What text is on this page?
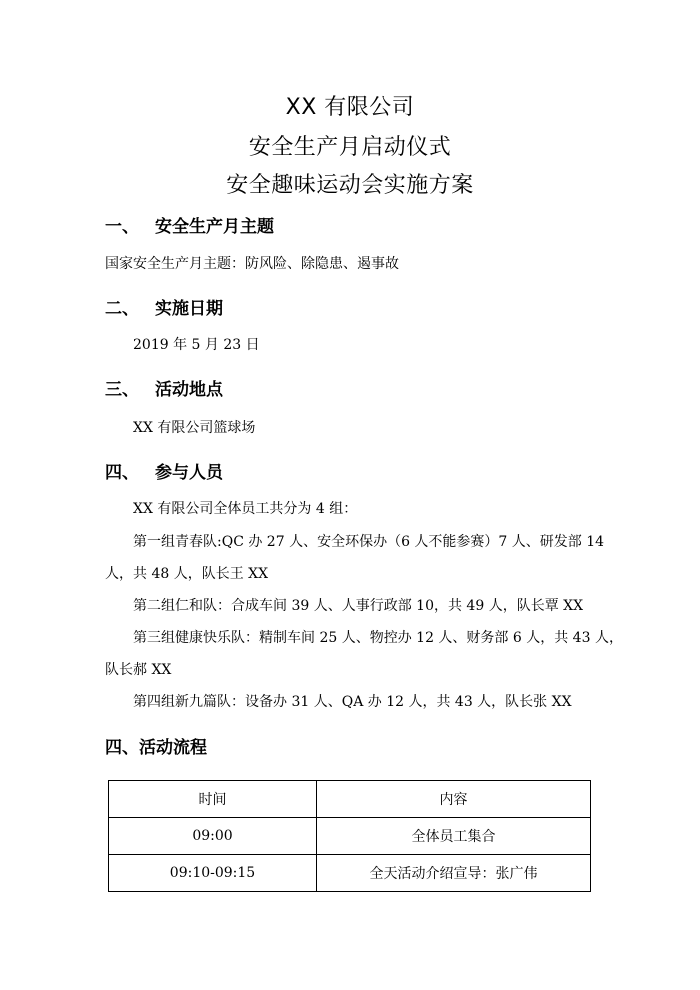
XX 有限公司
安全生产月启动仪式
安全趣味运动会实施方案
一、 安全生产月主题
国家安全生产月主题：防风险、除隐患、遏事故
二、 实施日期
2019 年 5 月 23 日
三、 活动地点
XX 有限公司篮球场
四、 参与人员
XX 有限公司全体员工共分为 4 组：
第一组青春队:QC 办 27 人、安全环保办（6 人不能参赛）7 人、研发部 14
人，共 48 人，队长王 XX
第二组仁和队：合成车间 39 人、人事行政部 10，共 49 人，队长覃 XX
第三组健康快乐队：精制车间 25 人、物控办 12 人、财务部 6 人，共 43 人，
队长郝 XX
第四组新九篇队：设备办 31 人、QA 办 12 人，共 43 人，队长张 XX
四、活动流程
时间	内容
09:00	全体员工集合
09:10-09:15	全天活动介绍宣导：张广伟
